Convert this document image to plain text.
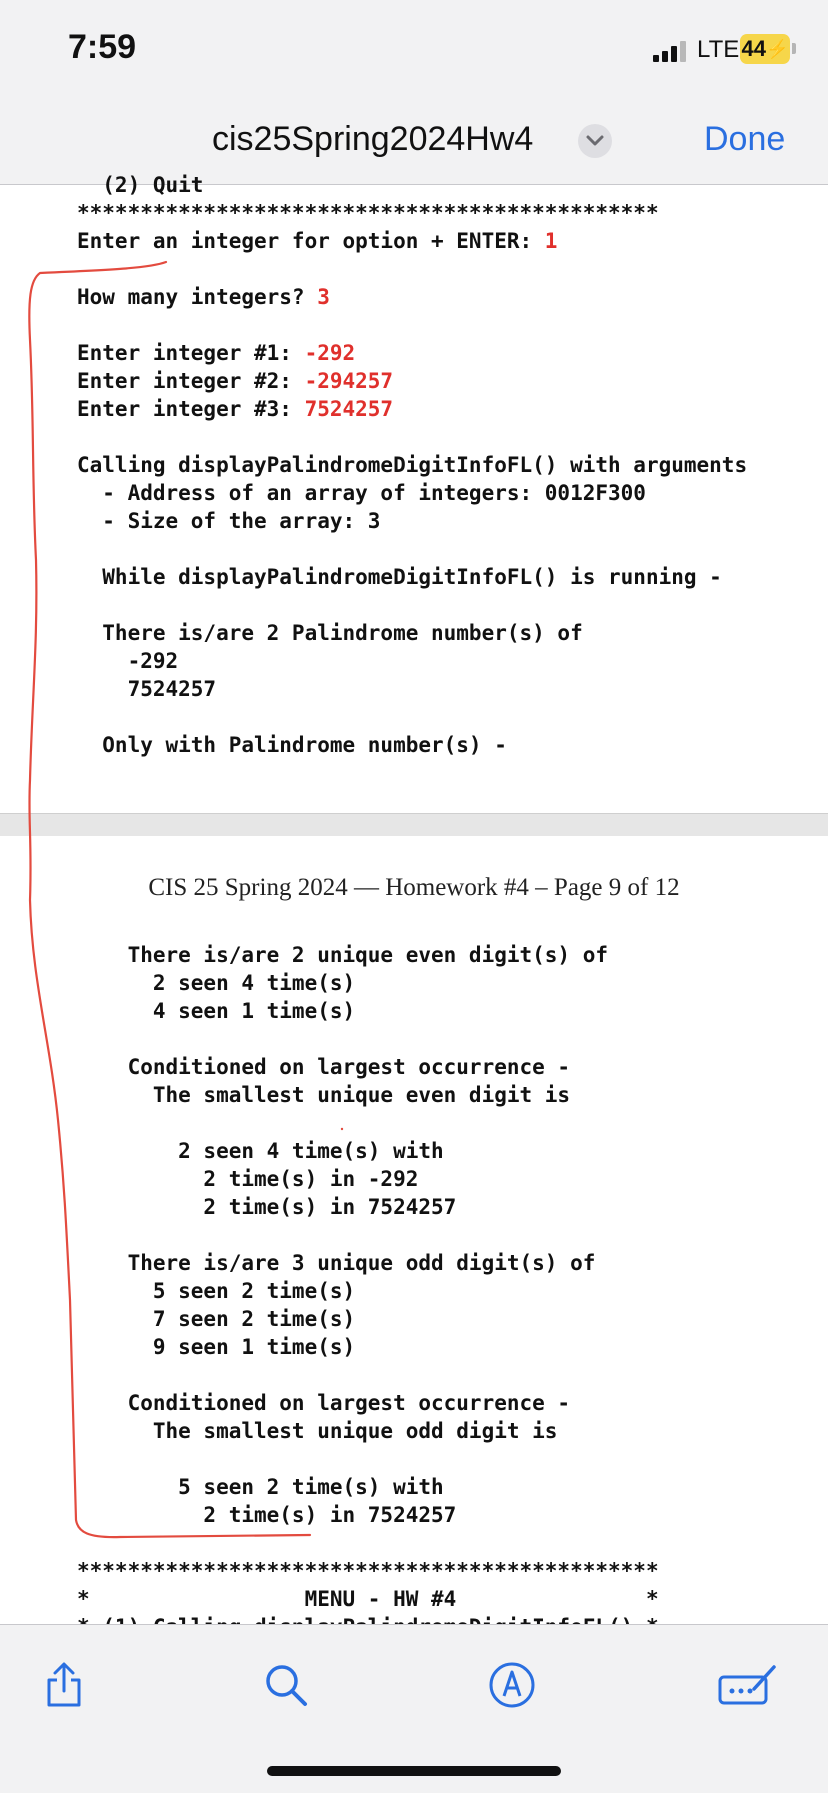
7:59	LTE 44 ⚡
cis25Spring2024Hw4	Done
(2) Quit
**********************************************
Enter an integer for option + ENTER: 1
How many integers? 3
Enter integer #1: -292
Enter integer #2: -294257
Enter integer #3: 7524257
Calling displayPalindromeDigitInfoFL() with arguments
- Address of an array of integers: 0012F300
- Size of the array: 3
While displayPalindromeDigitInfoFL() is running -
There is/are 2 Palindrome number(s) of
-292
7524257
Only with Palindrome number(s) -
CIS 25 Spring 2024 — Homework #4 – Page 9 of 12
There is/are 2 unique even digit(s) of
2 seen 4 time(s)
4 seen 1 time(s)
Conditioned on largest occurrence -
The smallest unique even digit is
2 seen 4 time(s) with
2 time(s) in -292
2 time(s) in 7524257
There is/are 3 unique odd digit(s) of
5 seen 2 time(s)
7 seen 2 time(s)
9 seen 1 time(s)
Conditioned on largest occurrence -
The smallest unique odd digit is
5 seen 2 time(s) with
2 time(s) in 7524257
**********************************************
*                 MENU - HW #4               *
